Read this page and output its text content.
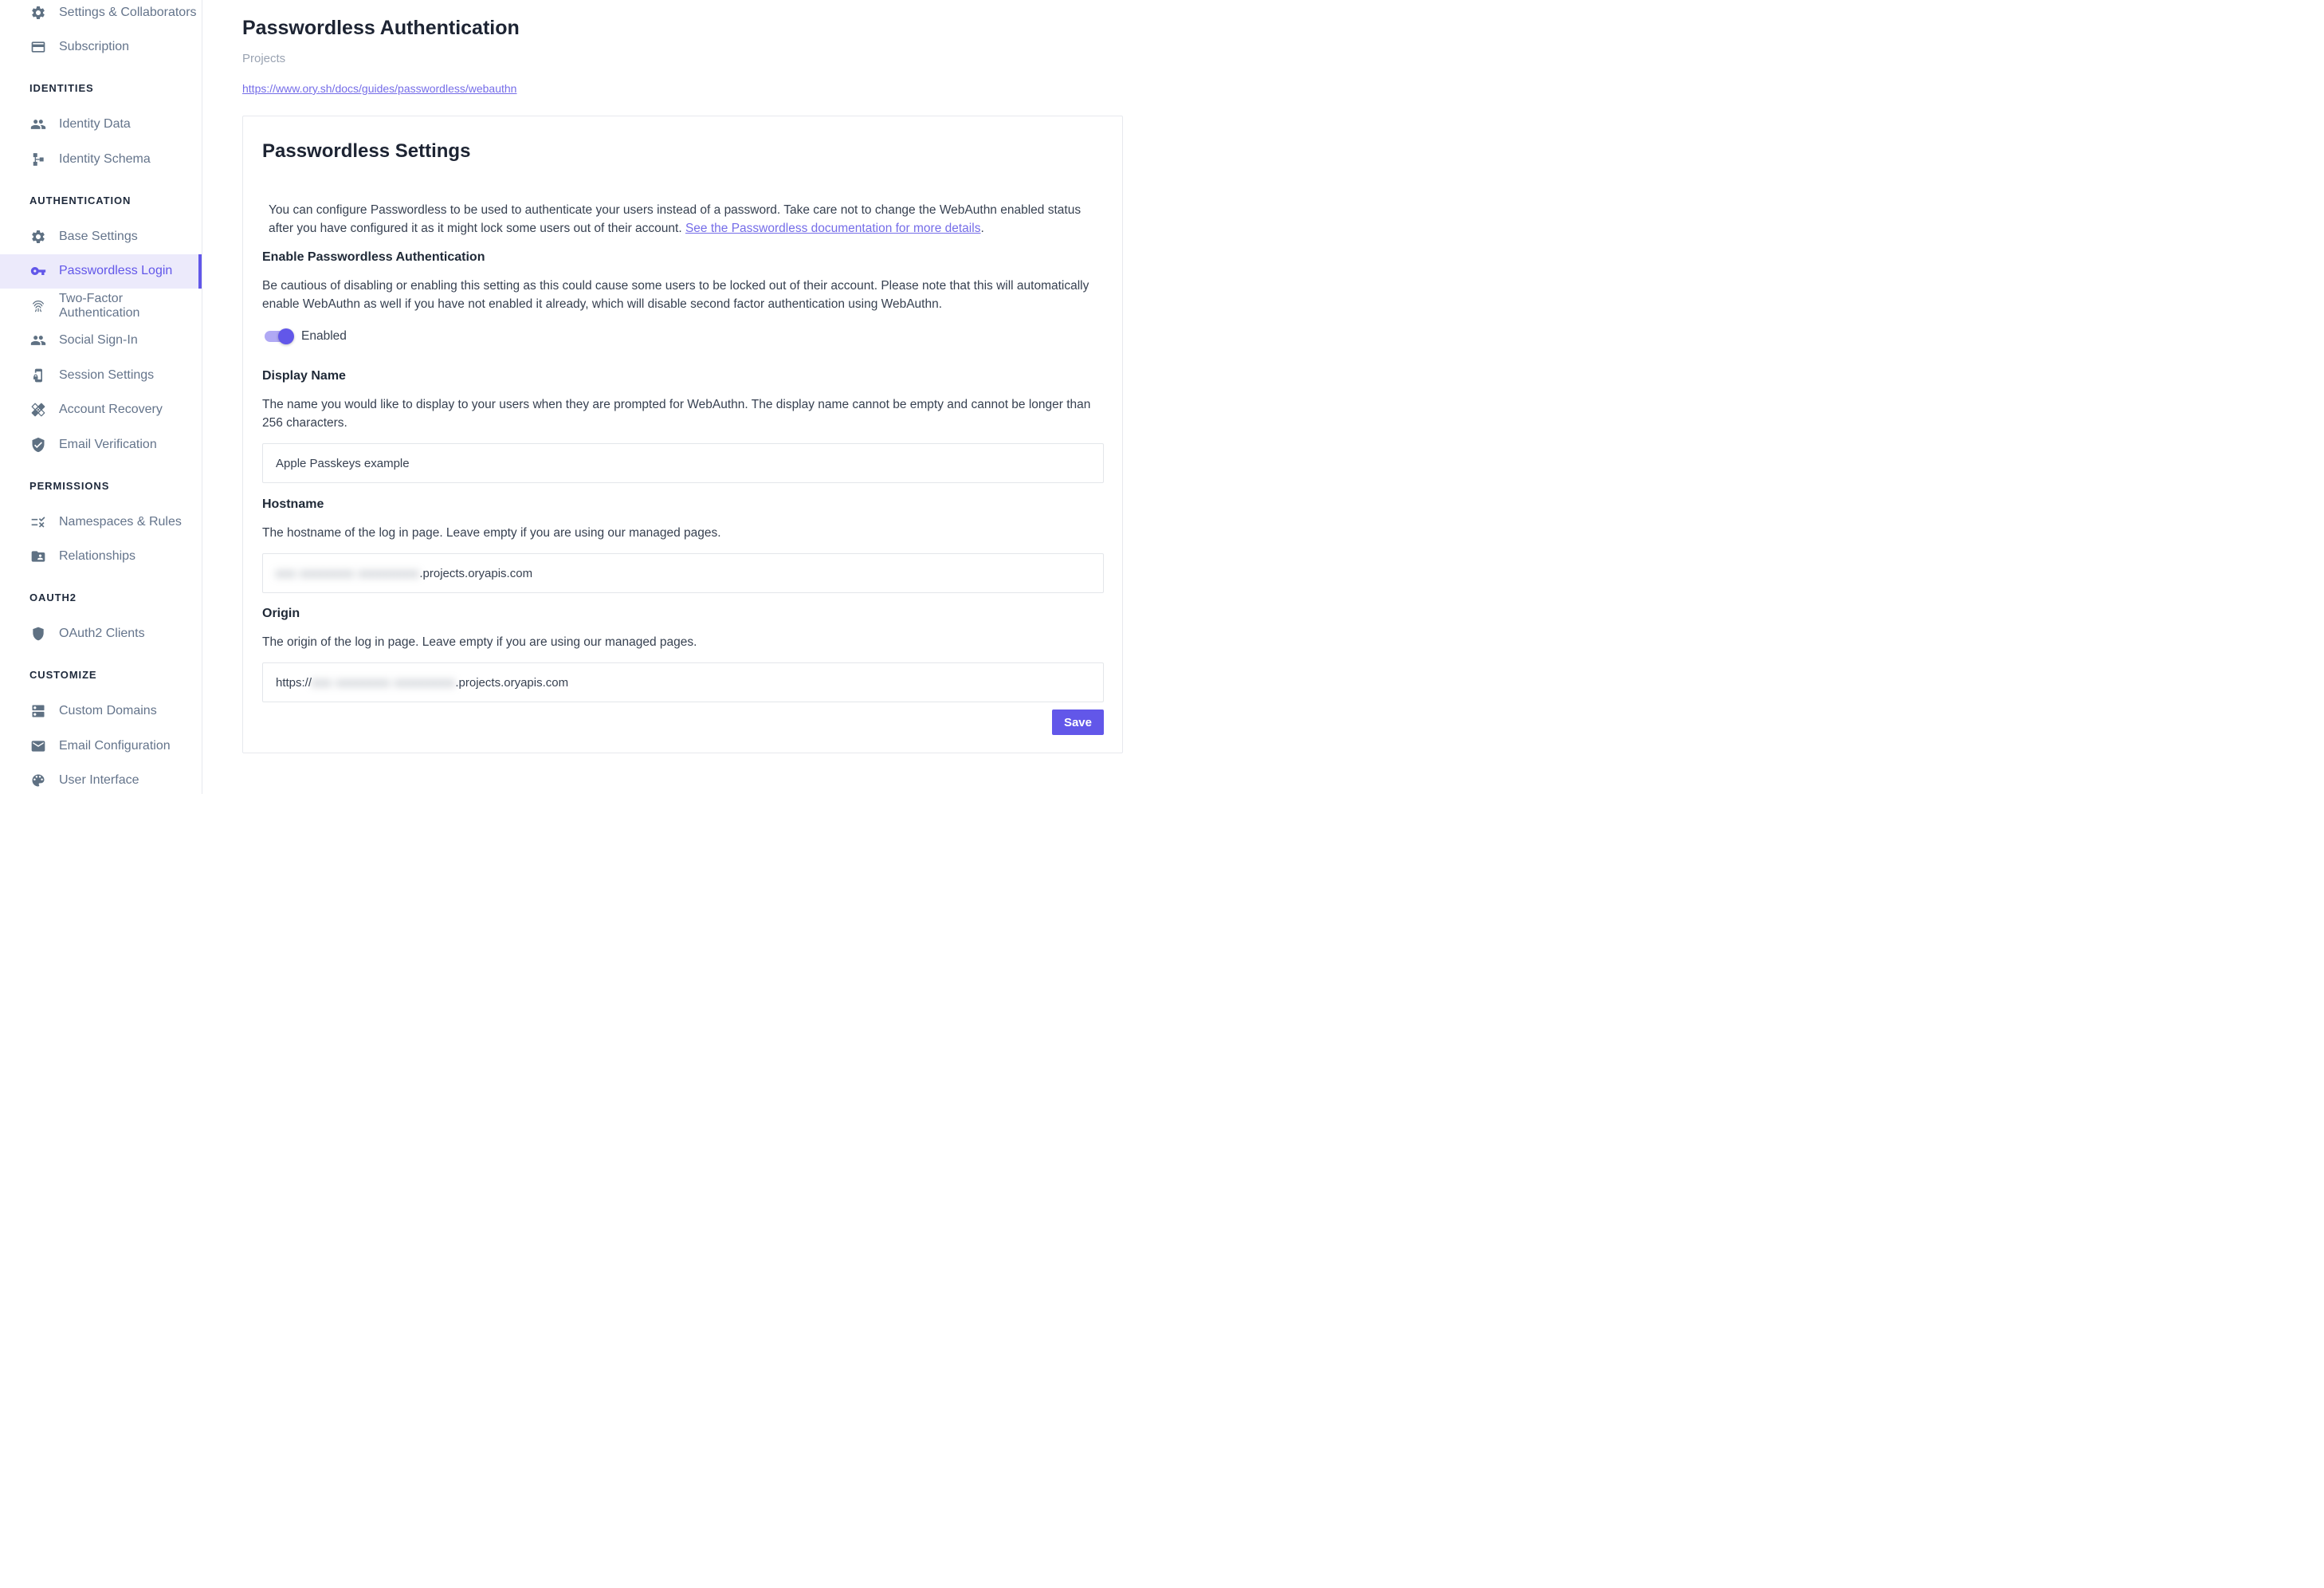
Settings & Collaborators
Subscription
IDENTITIES
Identity Data
Identity Schema
AUTHENTICATION
Base Settings
Passwordless Login
Two-Factor Authentication
Social Sign-In
Session Settings
Account Recovery
Email Verification
PERMISSIONS
Namespaces & Rules
Relationships
OAUTH2
OAuth2 Clients
CUSTOMIZE
Custom Domains
Email Configuration
User Interface
Passwordless Authentication
Projects
https://www.ory.sh/docs/guides/passwordless/webauthn
Passwordless Settings

You can configure Passwordless to be used to authenticate your users instead of a password. Take care not to change the WebAuthn enabled status after you have configured it as it might lock some users out of their account. See the Passwordless documentation for more details.

Enable Passwordless Authentication

Be cautious of disabling or enabling this setting as this could cause some users to be locked out of their account. Please note that this will automatically enable WebAuthn as well if you have not enabled it already, which will disable second factor authentication using WebAuthn.

Enabled
Display Name

The name you would like to display to your users when they are prompted for WebAuthn. The display name cannot be empty and cannot be longer than 256 characters.

Apple Passkeys example
Hostname

The hostname of the log in page. Leave empty if you are using our managed pages.

xxx xxxxxxxx xxxxxxxxx .projects.oryapis.com
Origin

The origin of the log in page. Leave empty if you are using our managed pages.

https:// xxx xxxxxxxx xxxxxxxxx .projects.oryapis.com
Save
